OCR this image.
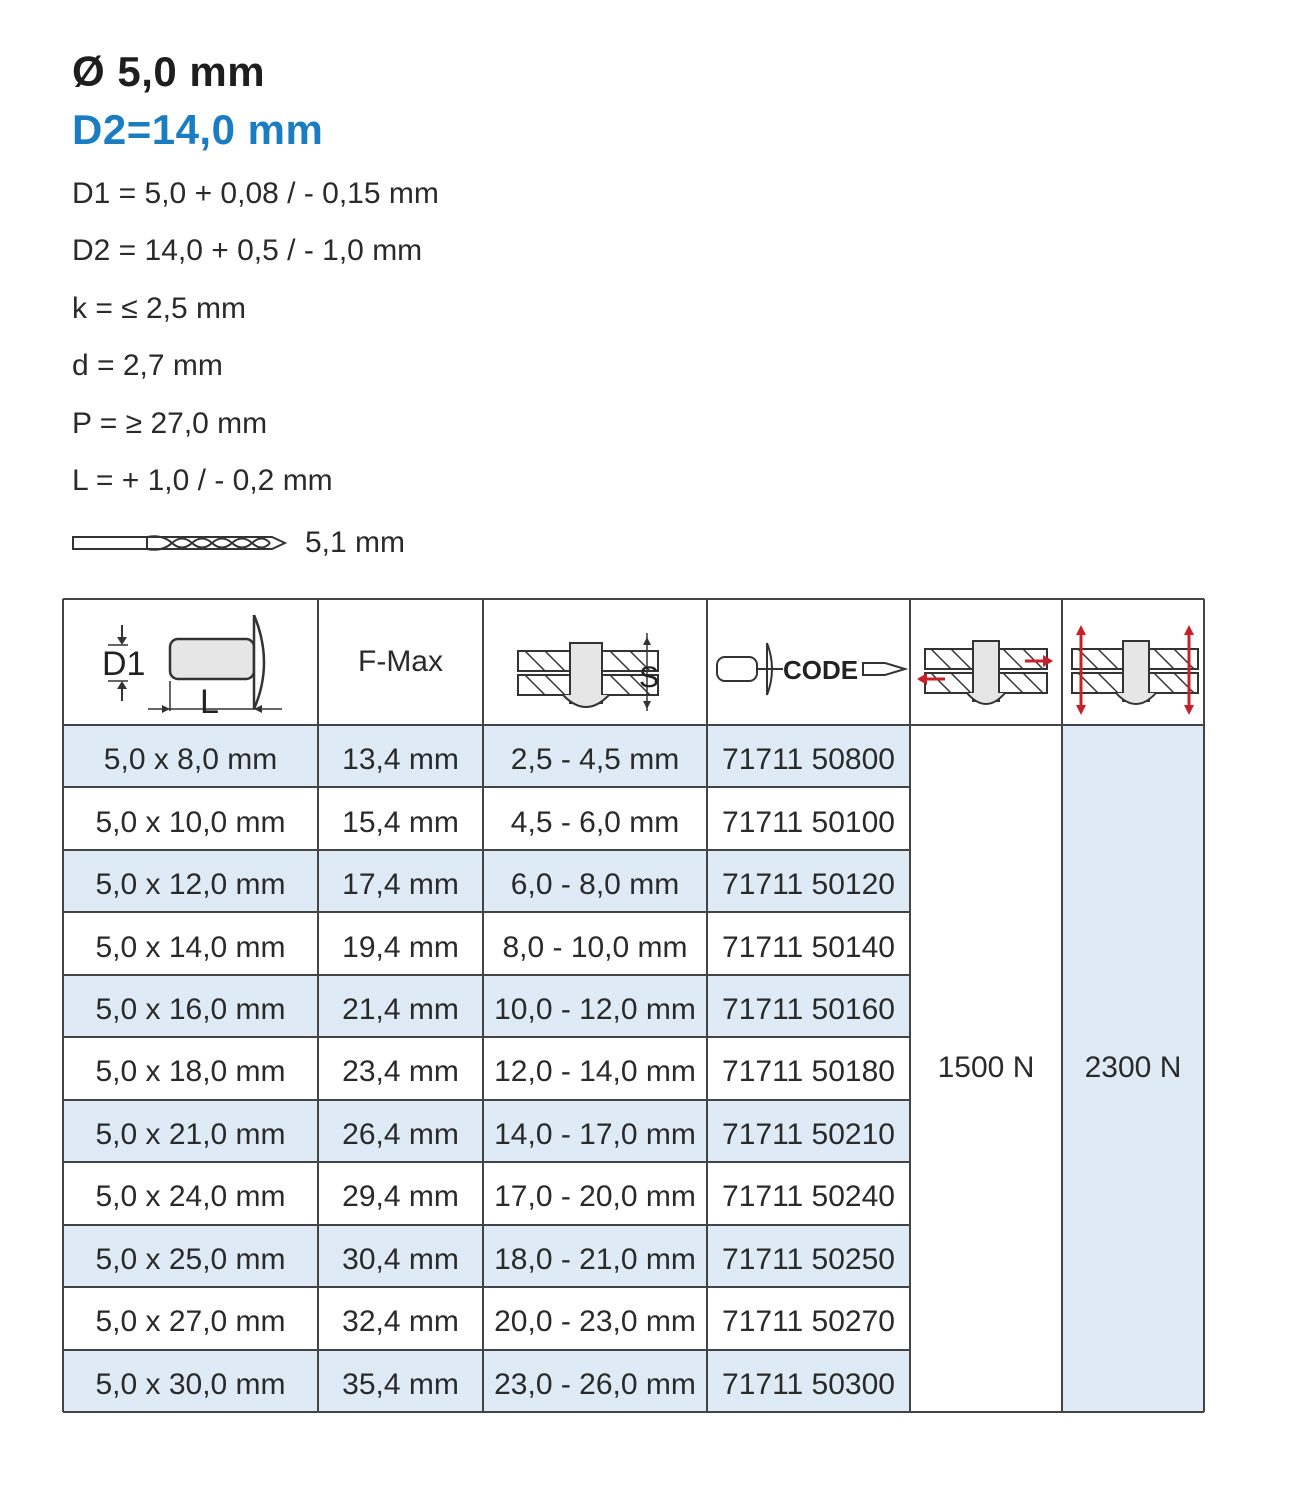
Ø 5,0 mm
D2=14,0 mm
D1 = 5,0 + 0,08 / - 0,15 mm
D2 = 14,0 + 0,5 / - 1,0 mm
k = ≤ 2,5 mm
d = 2,7 mm
P = ≥ 27,0 mm
L = + 1,0 / - 0,2 mm
5,1 mm
D1
L
S	CODE
F-Max
5,0 x 8,0 mm	13,4 mm	2,5 - 4,5 mm	71711 50800
5,0 x 10,0 mm	15,4 mm	4,5 - 6,0 mm	71711 50100
5,0 x 12,0 mm	17,4 mm	6,0 - 8,0 mm	71711 50120
5,0 x 14,0 mm	19,4 mm	8,0 - 10,0 mm	71711 50140
5,0 x 16,0 mm	21,4 mm	10,0 - 12,0 mm 71711 50160
5,0 x 18,0 mm	23,4 mm	12,0 - 14,0 mm 71711 50180
5,0 x 21,0 mm	26,4 mm	14,0 - 17,0 mm 71711 50210
5,0 x 24,0 mm	29,4 mm	17,0 - 20,0 mm 71711 50240
5,0 x 25,0 mm	30,4 mm	18,0 - 21,0 mm 71711 50250
5,0 x 27,0 mm	32,4 mm	20,0 - 23,0 mm 71711 50270
5,0 x 30,0 mm	35,4 mm	23,0 - 26,0 mm 71711 50300
1500 N	2300 N
